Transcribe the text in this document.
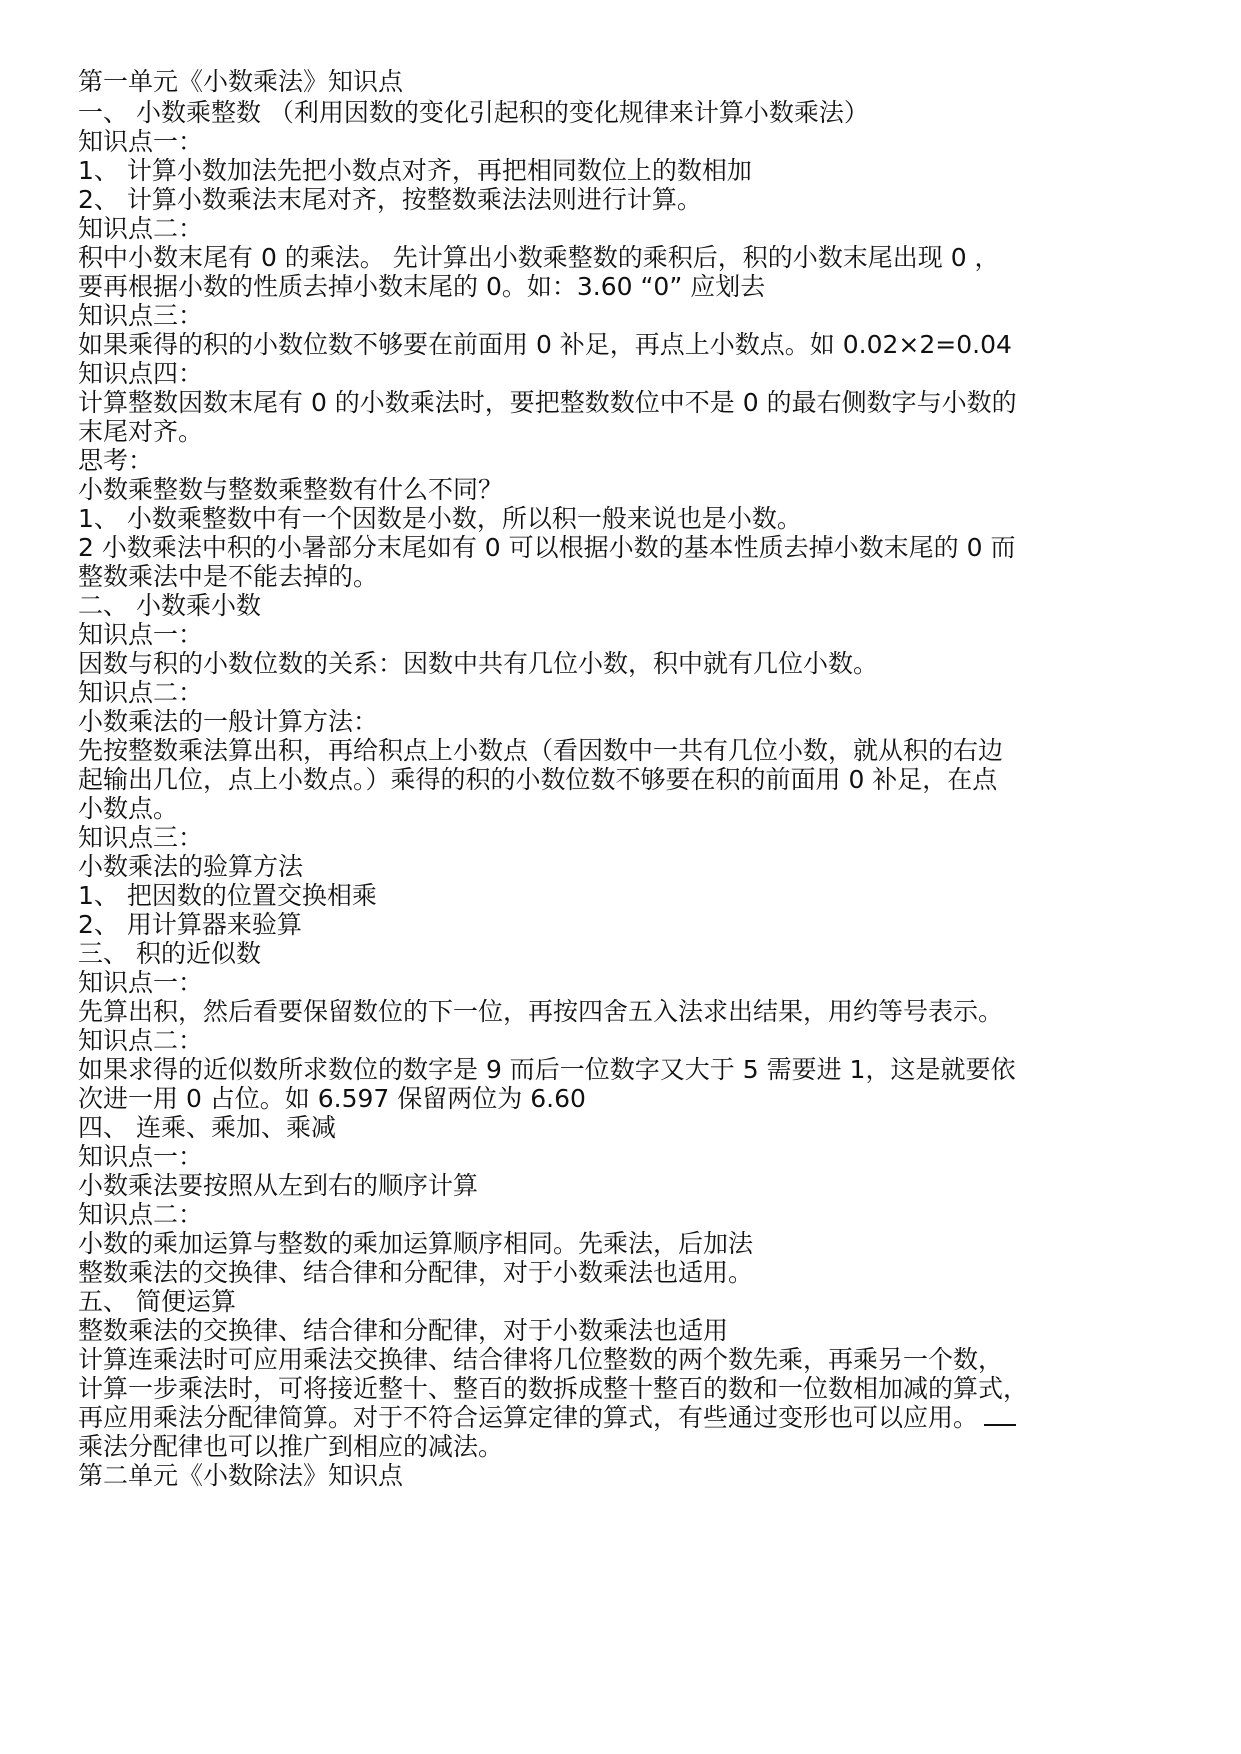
第一单元《小数乘法》知识点
一、 小数乘整数 （利用因数的变化引起积的变化规律来计算小数乘法）
知识点一：
1、 计算小数加法先把小数点对齐，再把相同数位上的数相加
2、 计算小数乘法末尾对齐，按整数乘法法则进行计算。
知识点二：
积中小数末尾有 0 的乘法。 先计算出小数乘整数的乘积后，积的小数末尾出现 0 ，
要再根据小数的性质去掉小数末尾的 0。如：3.60 “0” 应划去
知识点三：
如果乘得的积的小数位数不够要在前面用 0 补足，再点上小数点。如 0.02×2=0.04
知识点四：
计算整数因数末尾有 0 的小数乘法时，要把整数数位中不是 0 的最右侧数字与小数的
末尾对齐。
思考：
小数乘整数与整数乘整数有什么不同？
1、 小数乘整数中有一个因数是小数，所以积一般来说也是小数。
2 小数乘法中积的小暑部分末尾如有 0 可以根据小数的基本性质去掉小数末尾的 0 而
整数乘法中是不能去掉的。
二、 小数乘小数
知识点一：
因数与积的小数位数的关系：因数中共有几位小数，积中就有几位小数。
知识点二：
小数乘法的一般计算方法：
先按整数乘法算出积，再给积点上小数点（看因数中一共有几位小数，就从积的右边
起输出几位，点上小数点。）乘得的积的小数位数不够要在积的前面用 0 补足，在点
小数点。
知识点三：
小数乘法的验算方法
1、 把因数的位置交换相乘
2、 用计算器来验算
三、 积的近似数
知识点一：
先算出积，然后看要保留数位的下一位，再按四舍五入法求出结果，用约等号表示。
知识点二：
如果求得的近似数所求数位的数字是 9 而后一位数字又大于 5 需要进 1，这是就要依
次进一用 0 占位。如 6.597 保留两位为 6.60
四、 连乘、乘加、乘减
知识点一：
小数乘法要按照从左到右的顺序计算
知识点二：
小数的乘加运算与整数的乘加运算顺序相同。先乘法，后加法
整数乘法的交换律、结合律和分配律，对于小数乘法也适用。
五、 简便运算
整数乘法的交换律、结合律和分配律，对于小数乘法也适用
计算连乘法时可应用乘法交换律、结合律将几位整数的两个数先乘，再乘另一个数，
计算一步乘法时，可将接近整十、整百的数拆成整十整百的数和一位数相加减的算式，
再应用乘法分配律简算。对于不符合运算定律的算式，有些通过变形也可以应用。
乘法分配律也可以推广到相应的减法。
第二单元《小数除法》知识点
